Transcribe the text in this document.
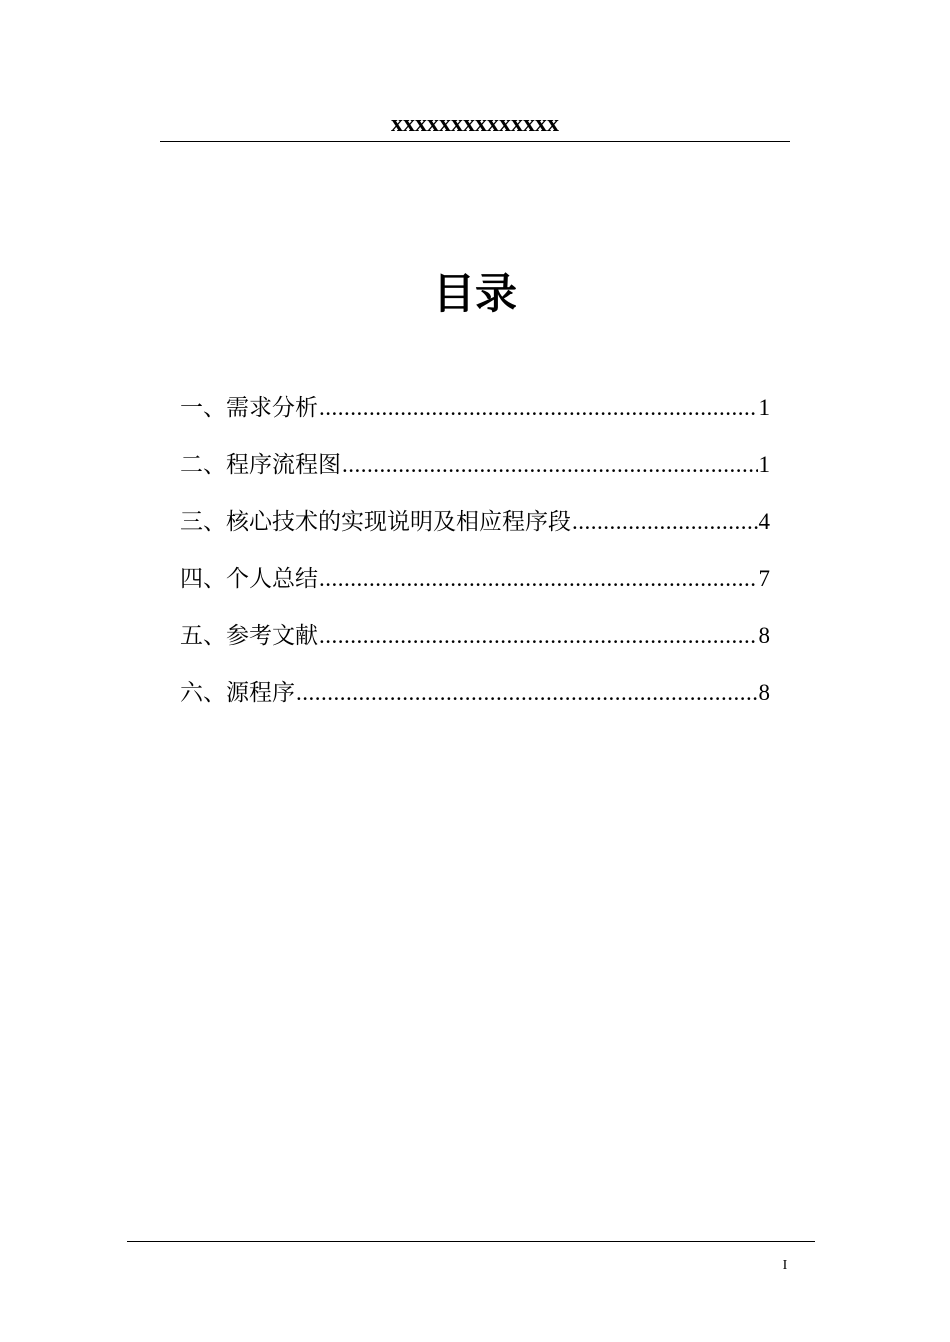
xxxxxxxxxxxxxx
目录
一、需求分析 .....	1
二、程序流程图 .....	1
三、核心技术的实现说明及相应程序段 .....	4
四、个人总结 .....	7
五、参考文献 .....	8
六、源程序 .....	8
I
